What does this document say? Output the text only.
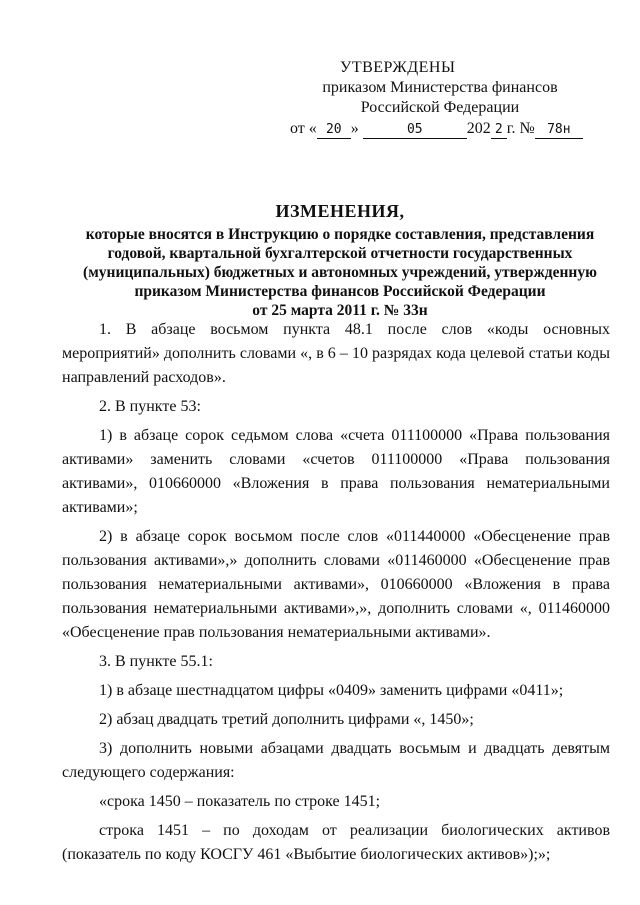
УТВЕРЖДЕНЫ
приказом Министерства финансов
Российской Федерации
от « 20 »	05	202 2 г. № 78н
ИЗМЕНЕНИЯ,
которые вносятся в Инструкцию о порядке составления, представления
годовой, квартальной бухгалтерской отчетности государственных
(муниципальных) бюджетных и автономных учреждений, утвержденную
приказом Министерства финансов Российской Федерации
от 25 марта 2011 г. № 33н

1. В абзаце восьмом пункта 48.1 после слов «коды основных мероприятий» дополнить словами «, в 6 – 10 разрядах кода целевой статьи коды направлений расходов».

2. В пункте 53:

1) в абзаце сорок седьмом слова «счета 011100000 «Права пользования активами» заменить словами «счетов 011100000 «Права пользования активами», 010660000 «Вложения в права пользования нематериальными активами»;

2) в абзаце сорок восьмом после слов «011440000 «Обесценение прав пользования активами»,» дополнить словами «011460000 «Обесценение прав пользования нематериальными активами», 010660000 «Вложения в права пользования нематериальными активами»,», дополнить словами «, 011460000 «Обесценение прав пользования нематериальными активами».

3. В пункте 55.1:

1) в абзаце шестнадцатом цифры «0409» заменить цифрами «0411»;

2) абзац двадцать третий дополнить цифрами «, 1450»;

3) дополнить новыми абзацами двадцать восьмым и двадцать девятым следующего содержания:

«срока 1450 – показатель по строке 1451;

строка 1451 – по доходам от реализации биологических активов (показатель по коду КОСГУ 461 «Выбытие биологических активов»);»;
